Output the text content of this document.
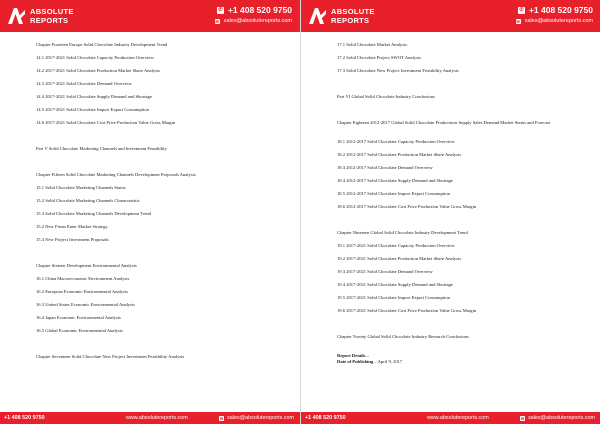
ABSOLUTE
REPORTS
✆ +1 408 520 9750
✉ sales@absolutereports.com
Chapter Fourteen Europe Solid Chocolate Industry Development Trend
14.1 2017-2021 Solid Chocolate Capacity Production Overview
14.2 2017-2021 Solid Chocolate Production Market Share Analysis
14.3 2017-2021 Solid Chocolate Demand Overview
14.4 2017-2021 Solid Chocolate Supply Demand and Shortage
14.5 2017-2021 Solid Chocolate Import Export Consumption
14.6 2017-2021 Solid Chocolate Cost Price Production Value Gross Margin
Part V Solid Chocolate Marketing Channels and Investment Feasibility
Chapter Fifteen Solid Chocolate Marketing Channels Development Proposals Analysis
15.1 Solid Chocolate Marketing Channels Status
15.2 Solid Chocolate Marketing Channels Characteristic
15.3 Solid Chocolate Marketing Channels Development Trend
15.2 New Firms Enter Market Strategy
15.3 New Project Investment Proposals
Chapter Sixteen Development Environmental Analysis
16.1 China Macroeconomic Environment Analysis
16.2 European Economic Environmental Analysis
16.3 United States Economic Environmental Analysis
16.4 Japan Economic Environmental Analysis
16.5 Global Economic Environmental Analysis
Chapter Seventeen Solid Chocolate New Project Investment Feasibility Analysis
+1 408 520 9750	www.absolutereports.com	✉ sales@absolutereports.com
ABSOLUTE
REPORTS
✆ +1 408 520 9750
✉ sales@absolutereports.com
17.1 Solid Chocolate Market Analysis
17.2 Solid Chocolate Project SWOT Analysis
17.3 Solid Chocolate New Project Investment Feasibility Analysis
Part VI Global Solid Chocolate Industry Conclusions
Chapter Eighteen 2012-2017 Global Solid Chocolate Productions Supply Sales Demand Market Status and Forecast
18.1 2012-2017 Solid Chocolate Capacity Production Overview
18.2 2012-2017 Solid Chocolate Production Market Share Analysis
18.3 2012-2017 Solid Chocolate Demand Overview
18.4 2012-2017 Solid Chocolate Supply Demand and Shortage
18.5 2012-2017 Solid Chocolate Import Export Consumption
18.6 2012-2017 Solid Chocolate Cost Price Production Value Gross Margin
Chapter Nineteen Global Solid Chocolate Industry Development Trend
19.1 2017-2021 Solid Chocolate Capacity Production Overview
19.2 2017-2021 Solid Chocolate Production Market Share Analysis
19.3 2017-2021 Solid Chocolate Demand Overview
19.4 2017-2021 Solid Chocolate Supply Demand and Shortage
19.5 2017-2021 Solid Chocolate Import Export Consumption
19.6 2017-2021 Solid Chocolate Cost Price Production Value Gross Margin
Chapter Twenty Global Solid Chocolate Industry Research Conclusions
Report Details –
Date of Publishing – April 9, 2017
+1 408 520 9750	www.absolutereports.com	✉ sales@absolutereports.com
